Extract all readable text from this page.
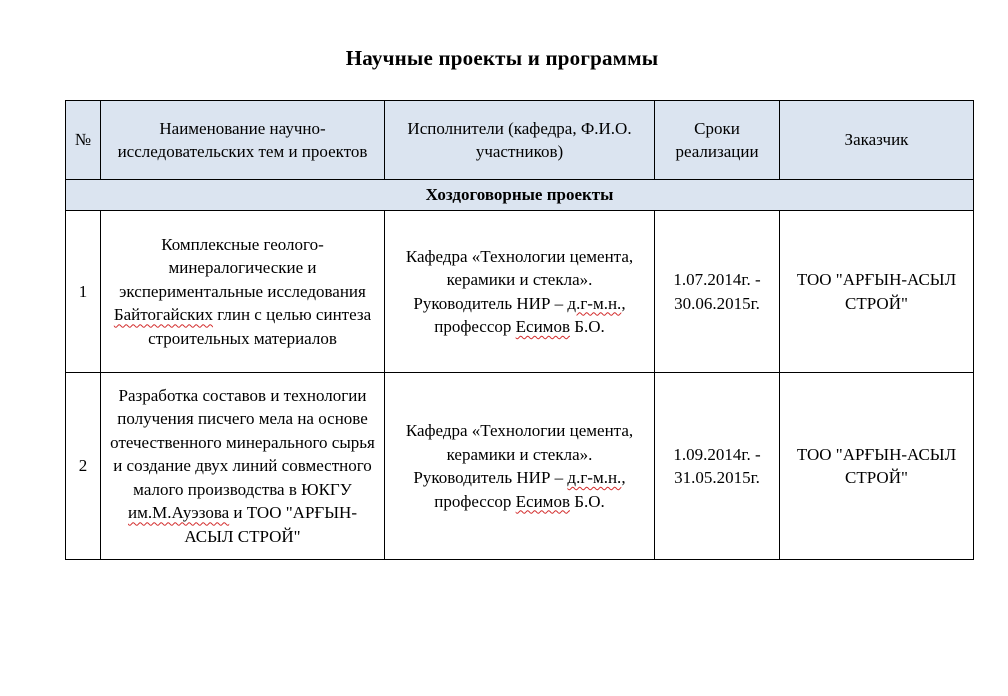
Научные проекты и программы
№	Наименование научно-исследовательских тем и проектов	Исполнители (кафедра, Ф.И.О. участников)	Сроки реализации	Заказчик
Хоздоговорные проекты				
1	Комплексные геолого-минералогические и экспериментальные исследования Байтогайских глин с целью синтеза строительных материалов	Кафедра «Технологии цемента, керамики и стекла».
Руководитель НИР – д.г-м.н.,
профессор Есимов Б.О.	1.07.2014г. -
30.06.2015г.	ТОО "АРҒЫН-АСЫЛ СТРОЙ"
2	Разработка составов и технологии получения писчего мела на основе отечественного минерального сырья и создание двух линий совместного малого производства в ЮКГУ им.М.Ауэзова и ТОО "АРҒЫН-АСЫЛ СТРОЙ"	Кафедра «Технологии цемента, керамики и стекла».
Руководитель НИР – д.г-м.н.,
профессор Есимов Б.О.	1.09.2014г. -
31.05.2015г.	ТОО "АРҒЫН-АСЫЛ СТРОЙ"
